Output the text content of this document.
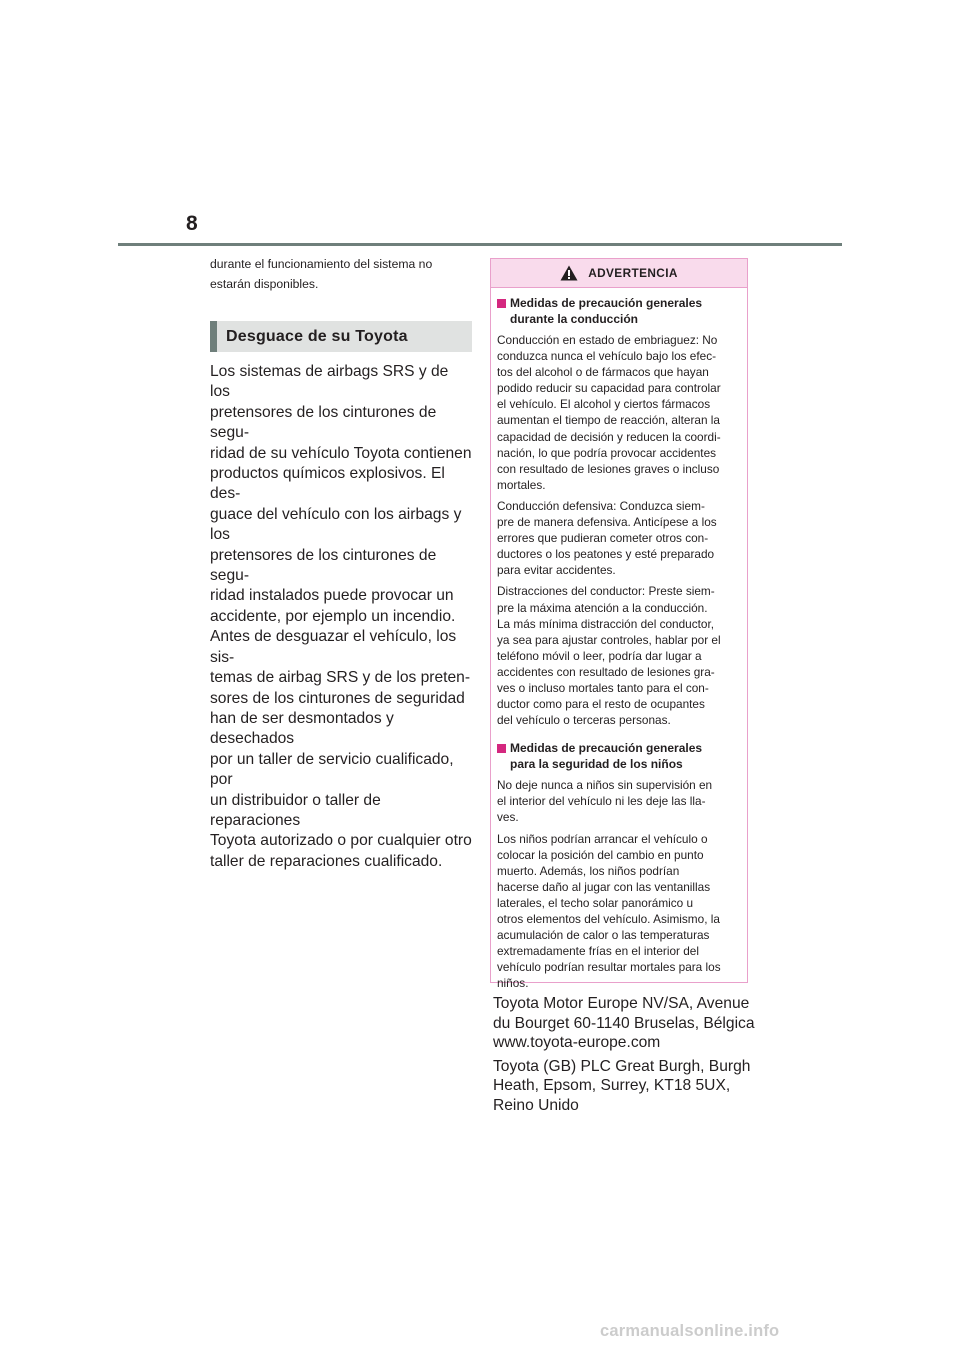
8

durante el funcionamiento del sistema no
estarán disponibles.

Desguace de su Toyota

Los sistemas de airbags SRS y de los
pretensores de los cinturones de segu-
ridad de su vehículo Toyota contienen
productos químicos explosivos. El des-
guace del vehículo con los airbags y los
pretensores de los cinturones de segu-
ridad instalados puede provocar un
accidente, por ejemplo un incendio.
Antes de desguazar el vehículo, los sis-
temas de airbag SRS y de los preten-
sores de los cinturones de seguridad
han de ser desmontados y desechados
por un taller de servicio cualificado, por
un distribuidor o taller de reparaciones
Toyota autorizado o por cualquier otro
taller de reparaciones cualificado.

ADVERTENCIA
Medidas de precaución generales
durante la conducción

Conducción en estado de embriaguez: No
conduzca nunca el vehículo bajo los efec-
tos del alcohol o de fármacos que hayan
podido reducir su capacidad para controlar
el vehículo. El alcohol y ciertos fármacos
aumentan el tiempo de reacción, alteran la
capacidad de decisión y reducen la coordi-
nación, lo que podría provocar accidentes
con resultado de lesiones graves o incluso
mortales.

Conducción defensiva: Conduzca siem-
pre de manera defensiva. Anticípese a los
errores que pudieran cometer otros con-
ductores o los peatones y esté preparado
para evitar accidentes.

Distracciones del conductor: Preste siem-
pre la máxima atención a la conducción.
La más mínima distracción del conductor,
ya sea para ajustar controles, hablar por el
teléfono móvil o leer, podría dar lugar a
accidentes con resultado de lesiones gra-
ves o incluso mortales tanto para el con-
ductor como para el resto de ocupantes
del vehículo o terceras personas.

Medidas de precaución generales
para la seguridad de los niños

No deje nunca a niños sin supervisión en
el interior del vehículo ni les deje las lla-
ves.

Los niños podrían arrancar el vehículo o
colocar la posición del cambio en punto
muerto. Además, los niños podrían
hacerse daño al jugar con las ventanillas
laterales, el techo solar panorámico u
otros elementos del vehículo. Asimismo, la
acumulación de calor o las temperaturas
extremadamente frías en el interior del
vehículo podrían resultar mortales para los
niños.

Toyota Motor Europe NV/SA, Avenue
du Bourget 60-1140 Bruselas, Bélgica
www.toyota-europe.com

Toyota (GB) PLC Great Burgh, Burgh
Heath, Epsom, Surrey, KT18 5UX,
Reino Unido

carmanualsonline.info
